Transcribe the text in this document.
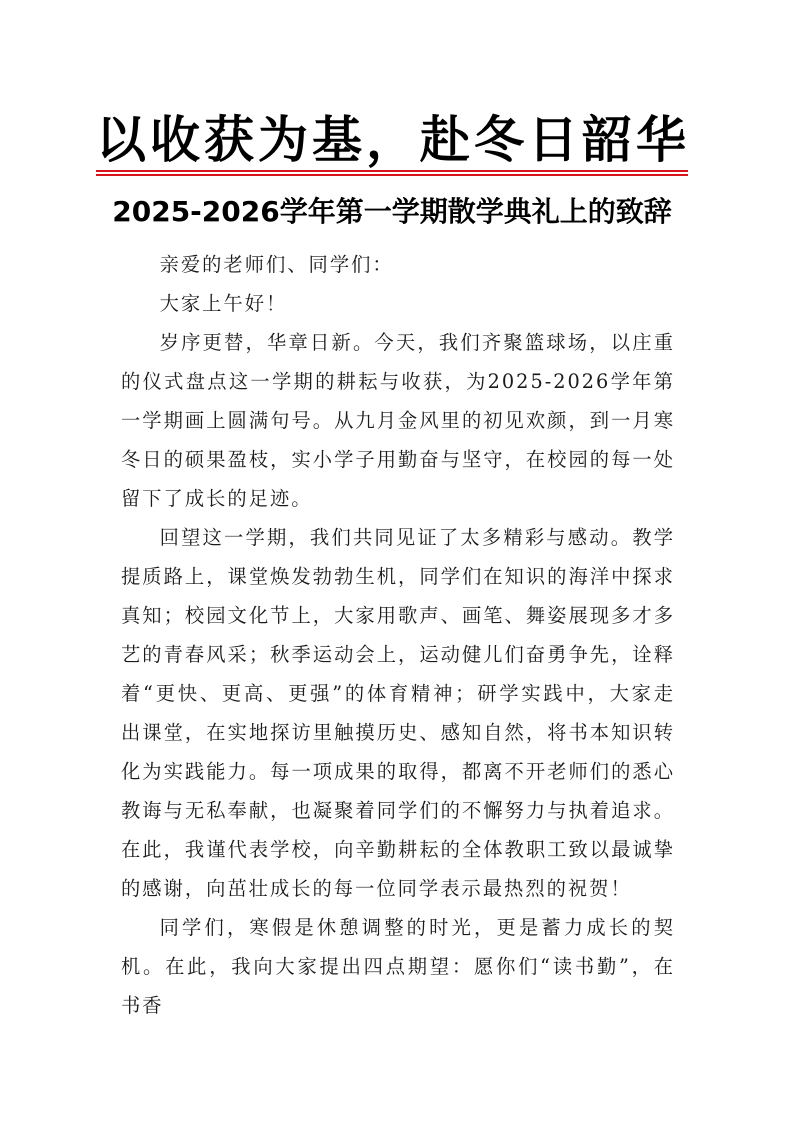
以收获为基，赴冬日韶华
2025-2026学年第一学期散学典礼上的致辞

亲爱的老师们、同学们：

大家上午好！

岁序更替，华章日新。今天，我们齐聚篮球场，以庄重的仪式盘点这一学期的耕耘与收获，为2025-2026学年第一学期画上圆满句号。从九月金风里的初见欢颜，到一月寒冬日的硕果盈枝，实小学子用勤奋与坚守，在校园的每一处留下了成长的足迹。

回望这一学期，我们共同见证了太多精彩与感动。教学提质路上，课堂焕发勃勃生机，同学们在知识的海洋中探求真知；校园文化节上，大家用歌声、画笔、舞姿展现多才多艺的青春风采；秋季运动会上，运动健儿们奋勇争先，诠释着“更快、更高、更强”的体育精神；研学实践中，大家走出课堂，在实地探访里触摸历史、感知自然，将书本知识转化为实践能力。每一项成果的取得，都离不开老师们的悉心教诲与无私奉献，也凝聚着同学们的不懈努力与执着追求。在此，我谨代表学校，向辛勤耕耘的全体教职工致以最诚挚的感谢，向茁壮成长的每一位同学表示最热烈的祝贺！

同学们，寒假是休憩调整的时光，更是蓄力成长的契机。在此，我向大家提出四点期望：愿你们“读书勤”，在书香
